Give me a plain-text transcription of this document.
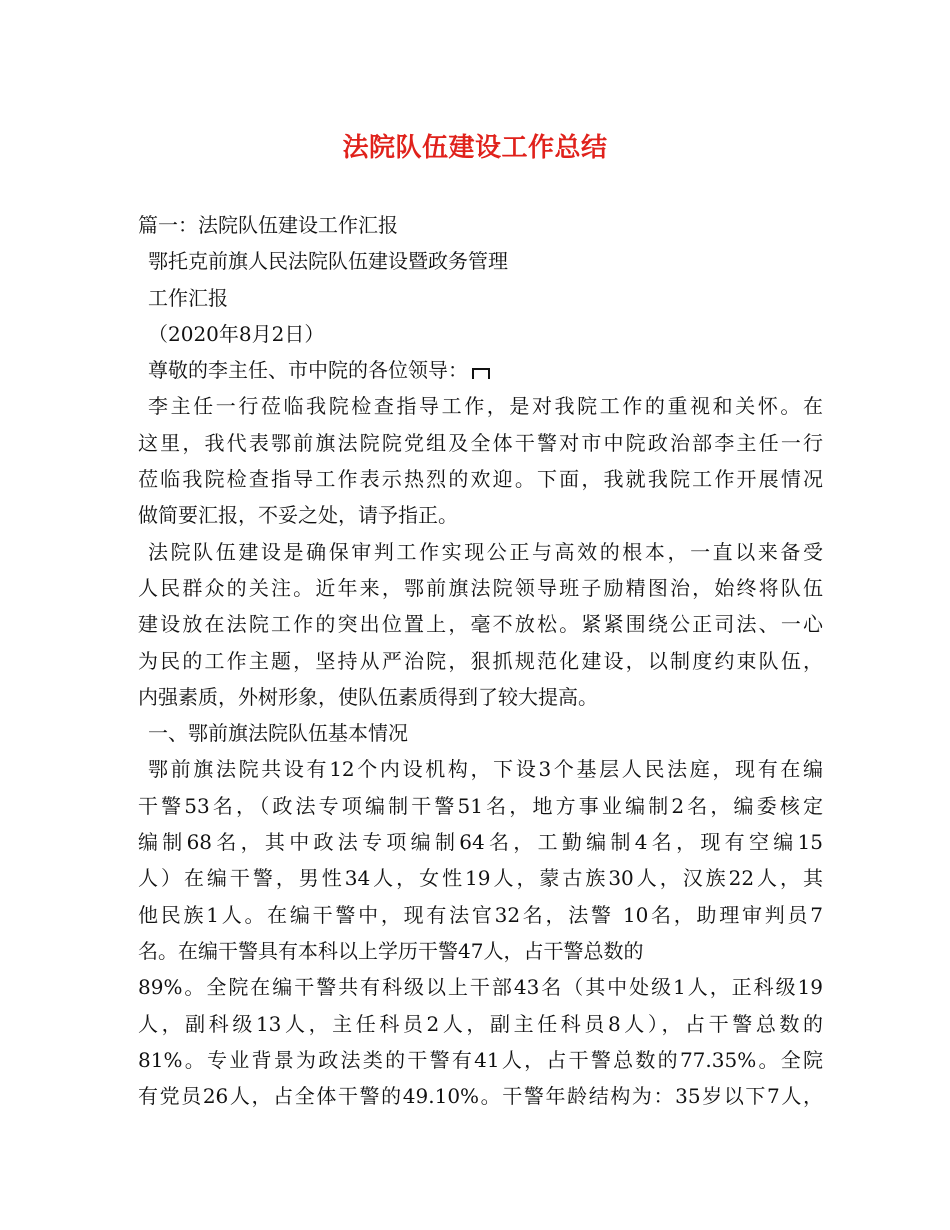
法院队伍建设工作总结
篇一：法院队伍建设工作汇报
鄂托克前旗人民法院队伍建设暨政务管理
工作汇报
（2020年8月2日）
尊敬的李主任、市中院的各位领导：
李主任一行莅临我院检查指导工作，是对我院工作的重视和关怀。在
这里，我代表鄂前旗法院院党组及全体干警对市中院政治部李主任一行
莅临我院检查指导工作表示热烈的欢迎。下面，我就我院工作开展情况
做简要汇报，不妥之处，请予指正。
法院队伍建设是确保审判工作实现公正与高效的根本，一直以来备受
人民群众的关注。近年来，鄂前旗法院领导班子励精图治，始终将队伍
建设放在法院工作的突出位置上，毫不放松。紧紧围绕公正司法、一心
为民的工作主题，坚持从严治院，狠抓规范化建设，以制度约束队伍，
内强素质，外树形象，使队伍素质得到了较大提高。
一、鄂前旗法院队伍基本情况
鄂前旗法院共设有12个内设机构，下设3个基层人民法庭，现有在编
干警53名，（政法专项编制干警51名，地方事业编制2名，编委核定
编制68名，其中政法专项编制64名，工勤编制4名，现有空编15
人）在编干警，男性34人，女性19人，蒙古族30人，汉族22人，其
他民族1人。在编干警中，现有法官32名，法警 10名，助理审判员7
名。在编干警具有本科以上学历干警47人，占干警总数的
89%。全院在编干警共有科级以上干部43名（其中处级1人，正科级19
人，副科级13人，主任科员2人，副主任科员8人），占干警总数的
81%。专业背景为政法类的干警有41人，占干警总数的77.35%。全院
有党员26人，占全体干警的49.10%。干警年龄结构为：35岁以下7人，
